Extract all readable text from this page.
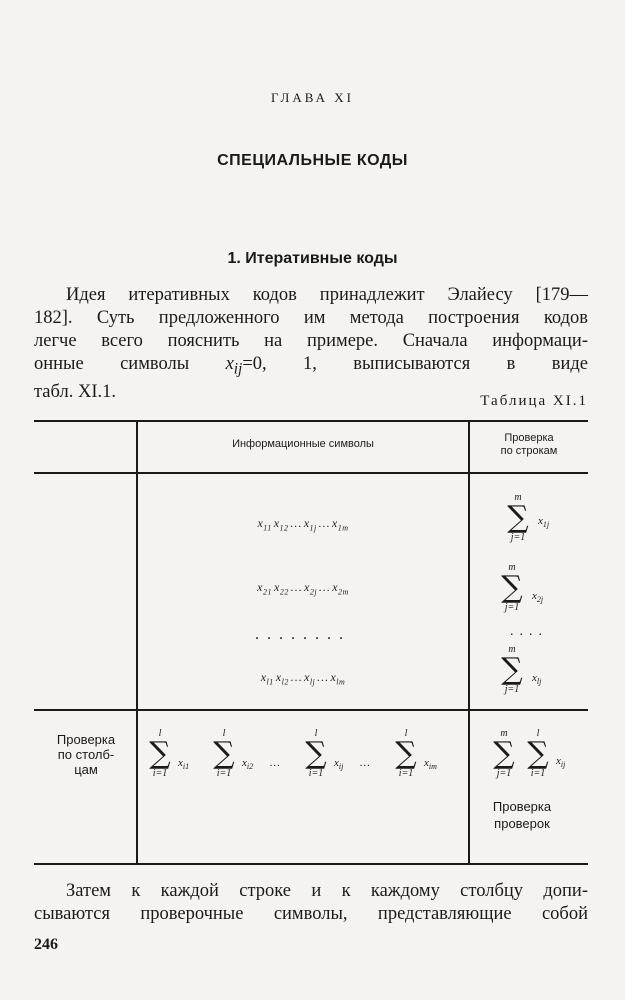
ГЛАВА XI
СПЕЦИАЛЬНЫЕ КОДЫ
1. Итеративные коды

Идея итеративных кодов принадлежит Элайесу [179—
182]. Суть предложенного им метода построения кодов
легче всего пояснить на примере. Сначала информаци-
онные символы $x_{ij}=0$, 1, выписываются в виде
табл. XI.1.	Таблица XI.1
Информационные символы	Проверка
по строкам
$x_{11}$ $x_{12}$ … $x_{1j}$ … $x_{1m}$
$x_{21}$ $x_{22}$ … $x_{2j}$ … $x_{2m}$
........
$x_{l1}$ $x_{l2}$ … $x_{lj}$ … $x_{lm}$
m
∑
j=1
$x_{1j}$
m
∑
j=1
$x_{2j}$
....
m
∑
j=1
$x_{lj}$
Проверка
по столб-
цам
l
∑
i=1
$x_{i1}$
l
∑
i=1
$x_{i2}$ …
l
∑
i=1
$x_{ij}$ …
l
∑
i=1
$x_{im}$
m
∑
j=1
l
∑
i=1
$x_{ij}$
Проверка
проверок

Затем к каждой строке и к каждому столбцу допи-
сываются проверочные символы, представляющие собой

246
